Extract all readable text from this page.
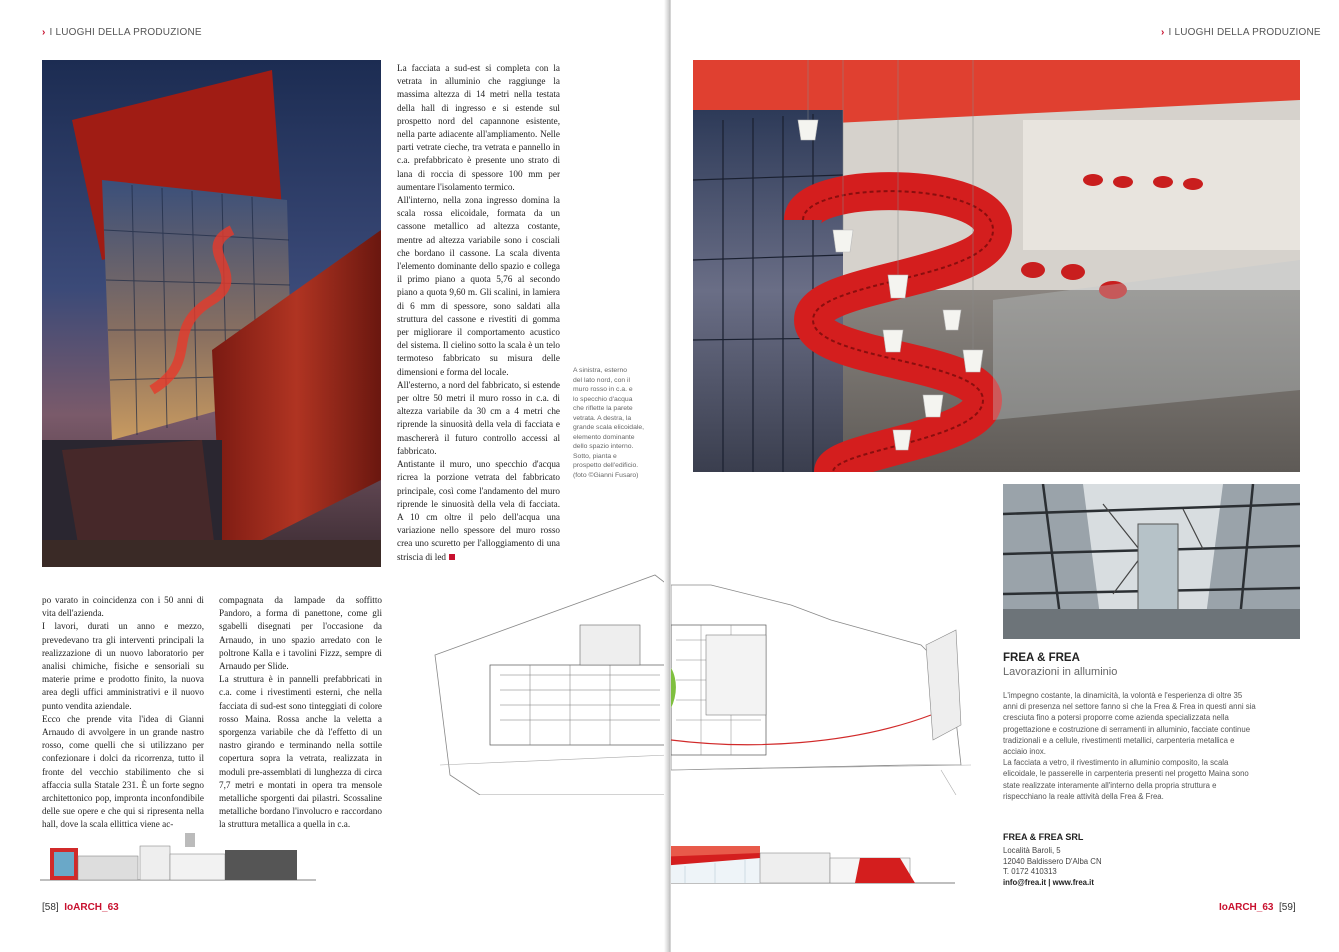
› I LUOGHI DELLA PRODUZIONE

po varato in coincidenza con i 50 anni di vita dell'azienda.

I lavori, durati un anno e mezzo, prevedevano tra gli interventi principali la realizzazione di un nuovo laboratorio per analisi chimiche, fisiche e sensoriali su materie prime e prodotto finito, la nuova area degli uffici amministrativi e il nuovo punto vendita aziendale.

Ecco che prende vita l'idea di Gianni Arnaudo di avvolgere in un grande nastro rosso, come quelli che si utilizzano per confezionare i dolci da ricorrenza, tutto il fronte del vecchio stabilimento che si affaccia sulla Statale 231. È un forte segno architettonico pop, impronta inconfondibile delle sue opere e che qui si ripresenta nella hall, dove la scala ellittica viene ac-

compagnata da lampade da soffitto Pandoro, a forma di panettone, come gli sgabelli disegnati per l'occasione da Arnaudo, in uno spazio arredato con le poltrone Kalla e i tavolini Fizzz, sempre di Arnaudo per Slide.

La struttura è in pannelli prefabbricati in c.a. come i rivestimenti esterni, che nella facciata di sud-est sono tinteggiati di colore rosso Maina. Rossa anche la veletta a sporgenza variabile che dà l'effetto di un nastro girando e terminando nella sottile copertura sopra la vetrata, realizzata in moduli pre-assemblati di lunghezza di circa 7,7 metri e montati in opera tra mensole metalliche sporgenti dai pilastri. Scossaline metalliche bordano l'involucro e raccordano la struttura metallica a quella in c.a.

La facciata a sud-est si completa con la vetrata in alluminio che raggiunge la massima altezza di 14 metri nella testata della hall di ingresso e si estende sul prospetto nord del capannone esistente, nella parte adiacente all'ampliamento. Nelle parti vetrate cieche, tra vetrata e pannello in c.a. prefabbricato è presente uno strato di lana di roccia di spessore 100 mm per aumentare l'isolamento termico.

All'interno, nella zona ingresso domina la scala rossa elicoidale, formata da un cassone metallico ad altezza costante, mentre ad altezza variabile sono i cosciali che bordano il cassone. La scala diventa l'elemento dominante dello spazio e collega il primo piano a quota 5,76 al secondo piano a quota 9,60 m. Gli scalini, in lamiera di 6 mm di spessore, sono saldati alla struttura del cassone e rivestiti di gomma per migliorare il comportamento acustico del sistema. Il cielino sotto la scala è un telo termoteso fabbricato su misura delle dimensioni e forma del locale.

All'esterno, a nord del fabbricato, si estende per oltre 50 metri il muro rosso in c.a. di altezza variabile da 30 cm a 4 metri che riprende la sinuosità della vela di facciata e maschererà il futuro controllo accessi al fabbricato.

Antistante il muro, uno specchio d'acqua ricrea la porzione vetrata del fabbricato principale, così come l'andamento del muro riprende le sinuosità della vela di facciata. A 10 cm oltre il pelo dell'acqua una variazione nello spessore del muro rosso crea uno scuretto per l'alloggiamento di una striscia di led

[58] IoARCH_63
› I LUOGHI DELLA PRODUZIONE
FREA & FREA
Lavorazioni in alluminio
L'impegno costante, la dinamicità, la volontà e l'esperienza di oltre 35 anni di presenza nel settore fanno sì che la Frea & Frea in questi anni sia cresciuta fino a potersi proporre come azienda specializzata nella progettazione e costruzione di serramenti in alluminio, facciate continue tradizionali e a cellule, rivestimenti metallici, carpenteria metallica e acciaio inox.
La facciata a vetro, il rivestimento in alluminio composito, la scala elicoidale, le passerelle in carpenteria presenti nel progetto Maina sono state realizzate interamente all'interno della propria struttura e rispecchiano la reale attività della Frea & Frea.
FREA & FREA SRL
Località Baroli, 5
12040 Baldissero D'Alba CN
T. 0172 410313
info@frea.it | www.frea.it
IoARCH_63 [59]
A sinistra, esterno
del lato nord, con il
muro rosso in c.a. e
lo specchio d'acqua
che riflette la parete
vetrata. A destra, la
grande scala elicoidale,
elemento dominante
dello spazio interno.
Sotto, pianta e
prospetto dell'edificio.
(foto ©Gianni Fusaro)
